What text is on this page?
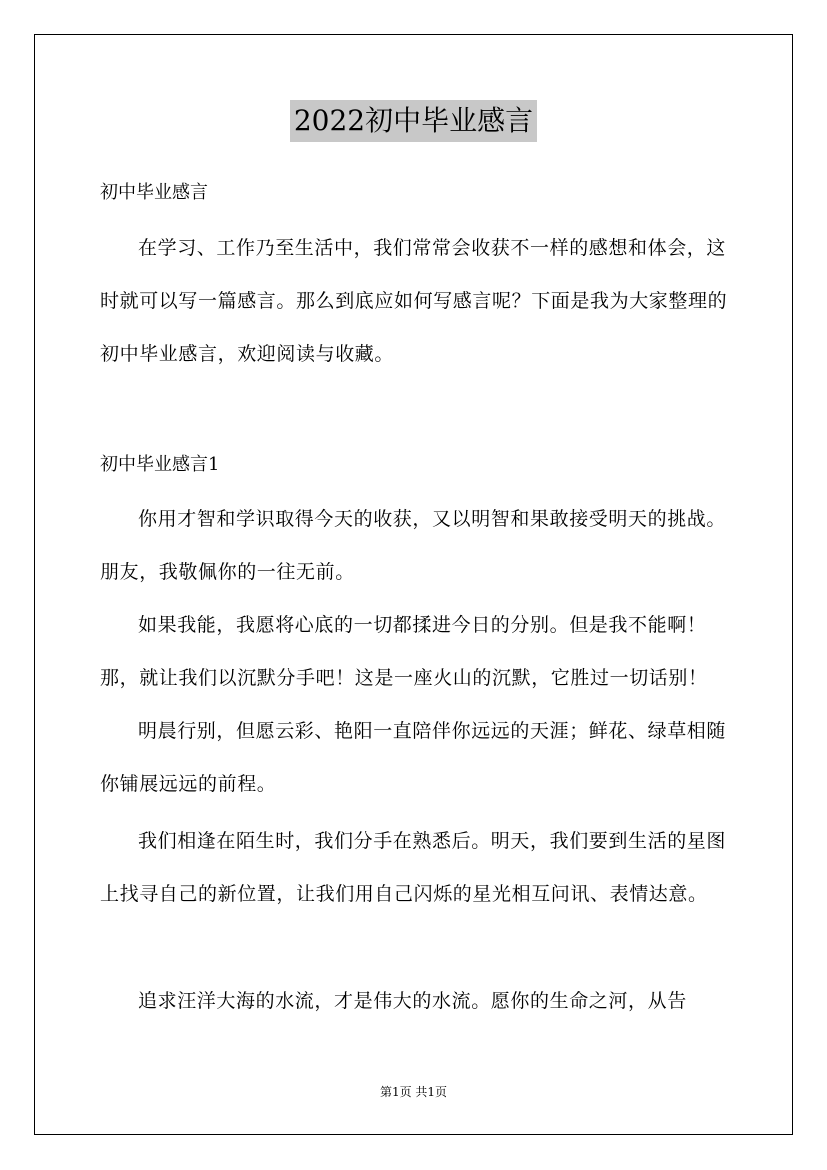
2022初中毕业感言
初中毕业感言

在学习、工作乃至生活中，我们常常会收获不一样的感想和体会，这时就可以写一篇感言。那么到底应如何写感言呢？下面是我为大家整理的初中毕业感言，欢迎阅读与收藏。

初中毕业感言1

你用才智和学识取得今天的收获，又以明智和果敢接受明天的挑战。朋友，我敬佩你的一往无前。

如果我能，我愿将心底的一切都揉进今日的分别。但是我不能啊！那，就让我们以沉默分手吧！这是一座火山的沉默，它胜过一切话别！

明晨行别，但愿云彩、艳阳一直陪伴你远远的天涯；鲜花、绿草相随你铺展远远的前程。

我们相逢在陌生时，我们分手在熟悉后。明天，我们要到生活的星图上找寻自己的新位置，让我们用自己闪烁的星光相互问讯、表情达意。

追求汪洋大海的水流，才是伟大的水流。愿你的生命之河，从告

第1页 共1页
